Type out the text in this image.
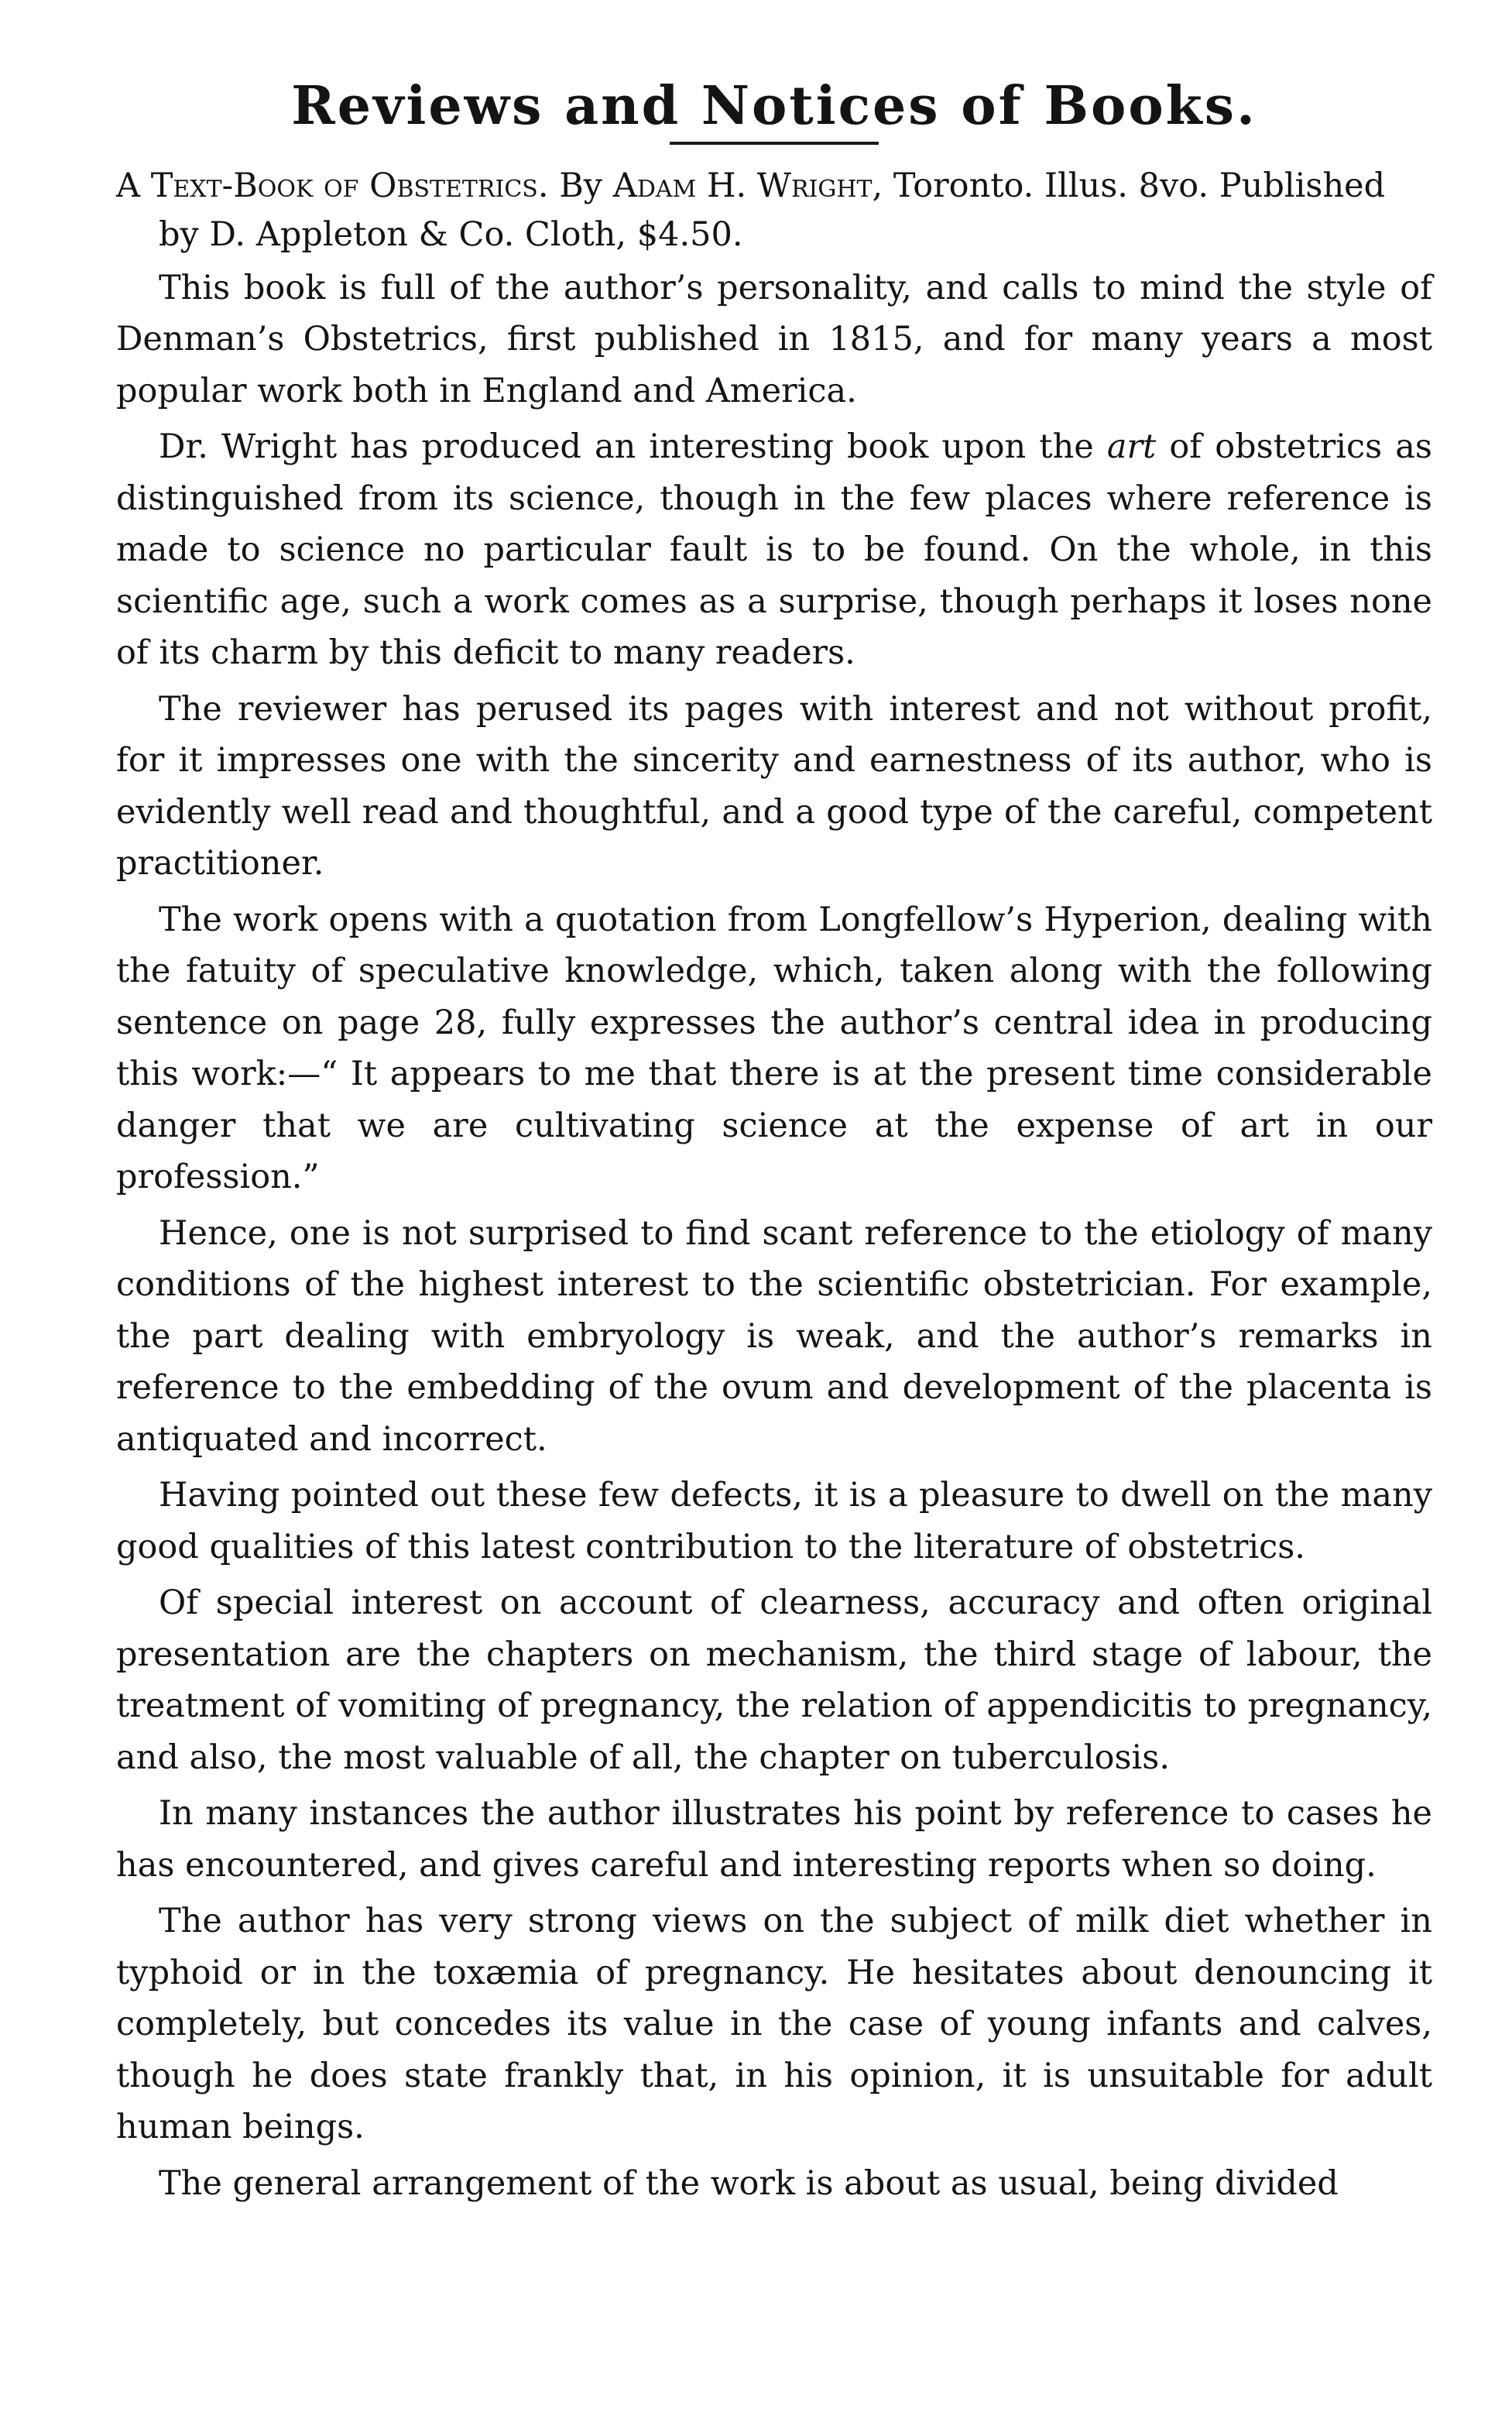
Reviews and Notices of Books.
A Text-Book of Obstetrics. By Adam H. Wright, Toronto. Illus. 8vo. Published by D. Appleton & Co. Cloth, $4.50.

This book is full of the author’s personality, and calls to mind the style of Denman’s Obstetrics, first published in 1815, and for many years a most popular work both in England and America.

Dr. Wright has produced an interesting book upon the art of obstetrics as distinguished from its science, though in the few places where reference is made to science no particular fault is to be found. On the whole, in this scientific age, such a work comes as a surprise, though perhaps it loses none of its charm by this deficit to many readers.

The reviewer has perused its pages with interest and not without profit, for it impresses one with the sincerity and earnestness of its author, who is evidently well read and thoughtful, and a good type of the careful, competent practitioner.

The work opens with a quotation from Longfellow’s Hyperion, dealing with the fatuity of speculative knowledge, which, taken along with the following sentence on page 28, fully expresses the author’s central idea in producing this work:—“ It appears to me that there is at the present time considerable danger that we are cultivating science at the expense of art in our profession.”

Hence, one is not surprised to find scant reference to the etiology of many conditions of the highest interest to the scientific obstetrician. For example, the part dealing with embryology is weak, and the author’s remarks in reference to the embedding of the ovum and development of the placenta is antiquated and incorrect.

Having pointed out these few defects, it is a pleasure to dwell on the many good qualities of this latest contribution to the literature of obstetrics.

Of special interest on account of clearness, accuracy and often original presentation are the chapters on mechanism, the third stage of labour, the treatment of vomiting of pregnancy, the relation of appendicitis to pregnancy, and also, the most valuable of all, the chapter on tuberculosis.

In many instances the author illustrates his point by reference to cases he has encountered, and gives careful and interesting reports when so doing.

The author has very strong views on the subject of milk diet whether in typhoid or in the toxæmia of pregnancy. He hesitates about denouncing it completely, but concedes its value in the case of young infants and calves, though he does state frankly that, in his opinion, it is unsuitable for adult human beings.

The general arrangement of the work is about as usual, being divided
